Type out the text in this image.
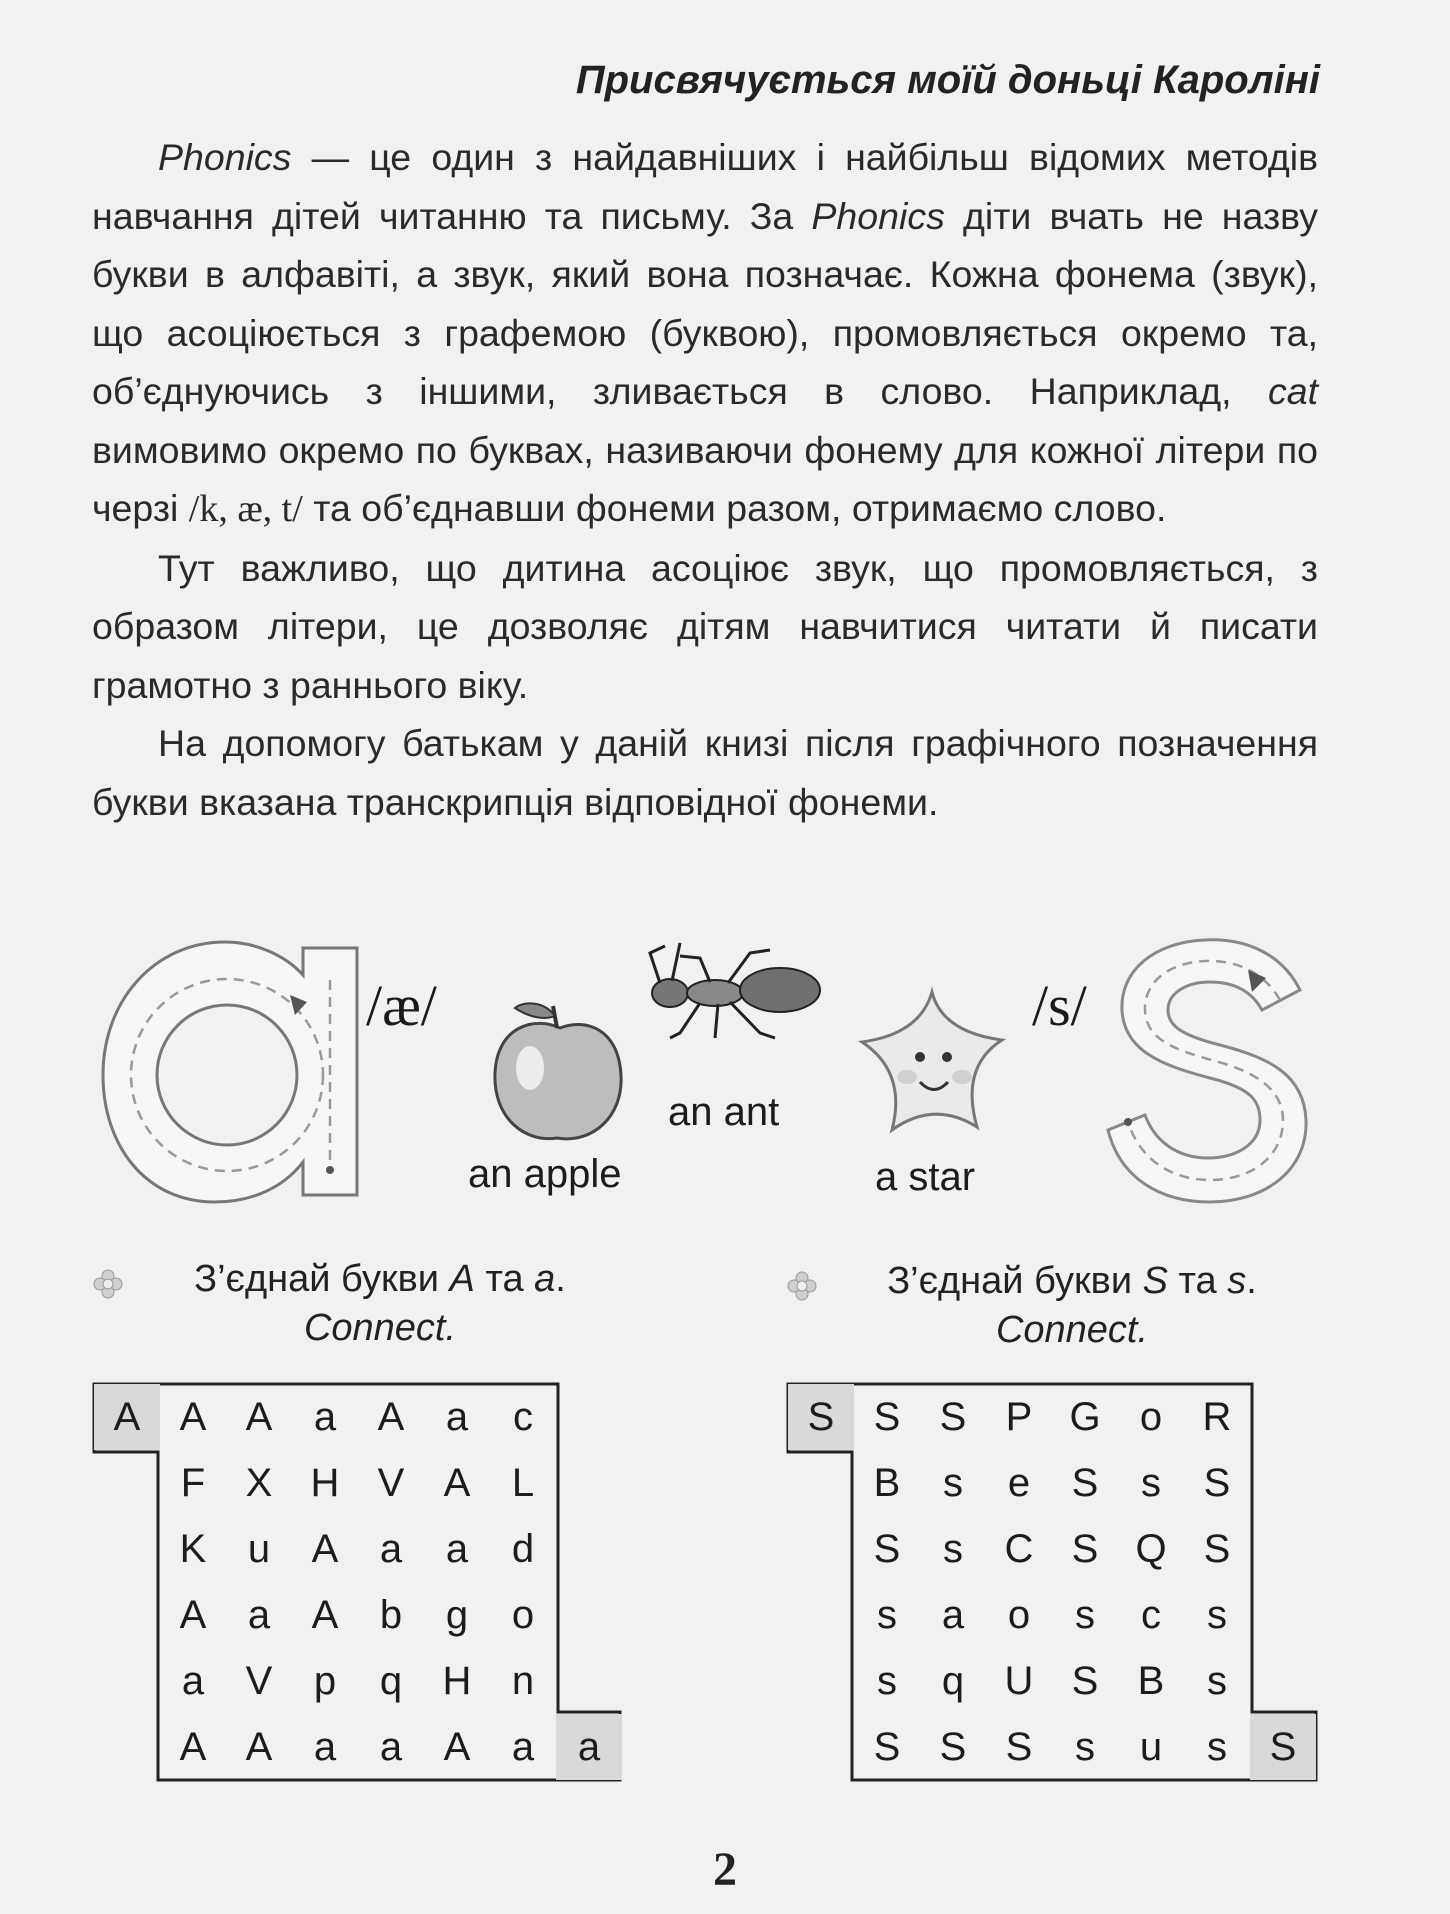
Присвячується моїй доньці Кароліні

Phonics — це один з найдавніших і найбільш відомих методів навчання дітей читанню та письму. За Phonics діти вчать не назву букви в алфавіті, а звук, який вона позначає. Кожна фонема (звук), що асоціюється з графемою (буквою), промовляється окремо та, об’єднуючись з іншими, зливається в слово. Наприклад, cat вимовимо окремо по буквах, називаючи фонему для кожної літери по черзі /k, æ, t/ та об’єднавши фонеми разом, отримаємо слово.

Тут важливо, що дитина асоціює звук, що промовляється, з образом літери, це дозволяє дітям навчитися читати й писати грамотно з раннього віку.

На допомогу батькам у даній книзі після графічного позначення букви вказана транскрипція відповідної фонеми.

/æ/
an apple
an ant
a star
/s/
З’єднай букви A та a.
Connect.
З’єднай букви S та s.
Connect.
A A A	a	A	a	c
F	X H V A	L
K	u	A	a	a	d
A	a	A	b	g	o
a	V	p	q	H	n
A A	a	a	A	a	a
S S S P G o	R
B	s	e	S	s	S
S	s	C S Q S
s	a	o	s	c	s
s	q	U S B	s
S S S	s	u	s	S
2
